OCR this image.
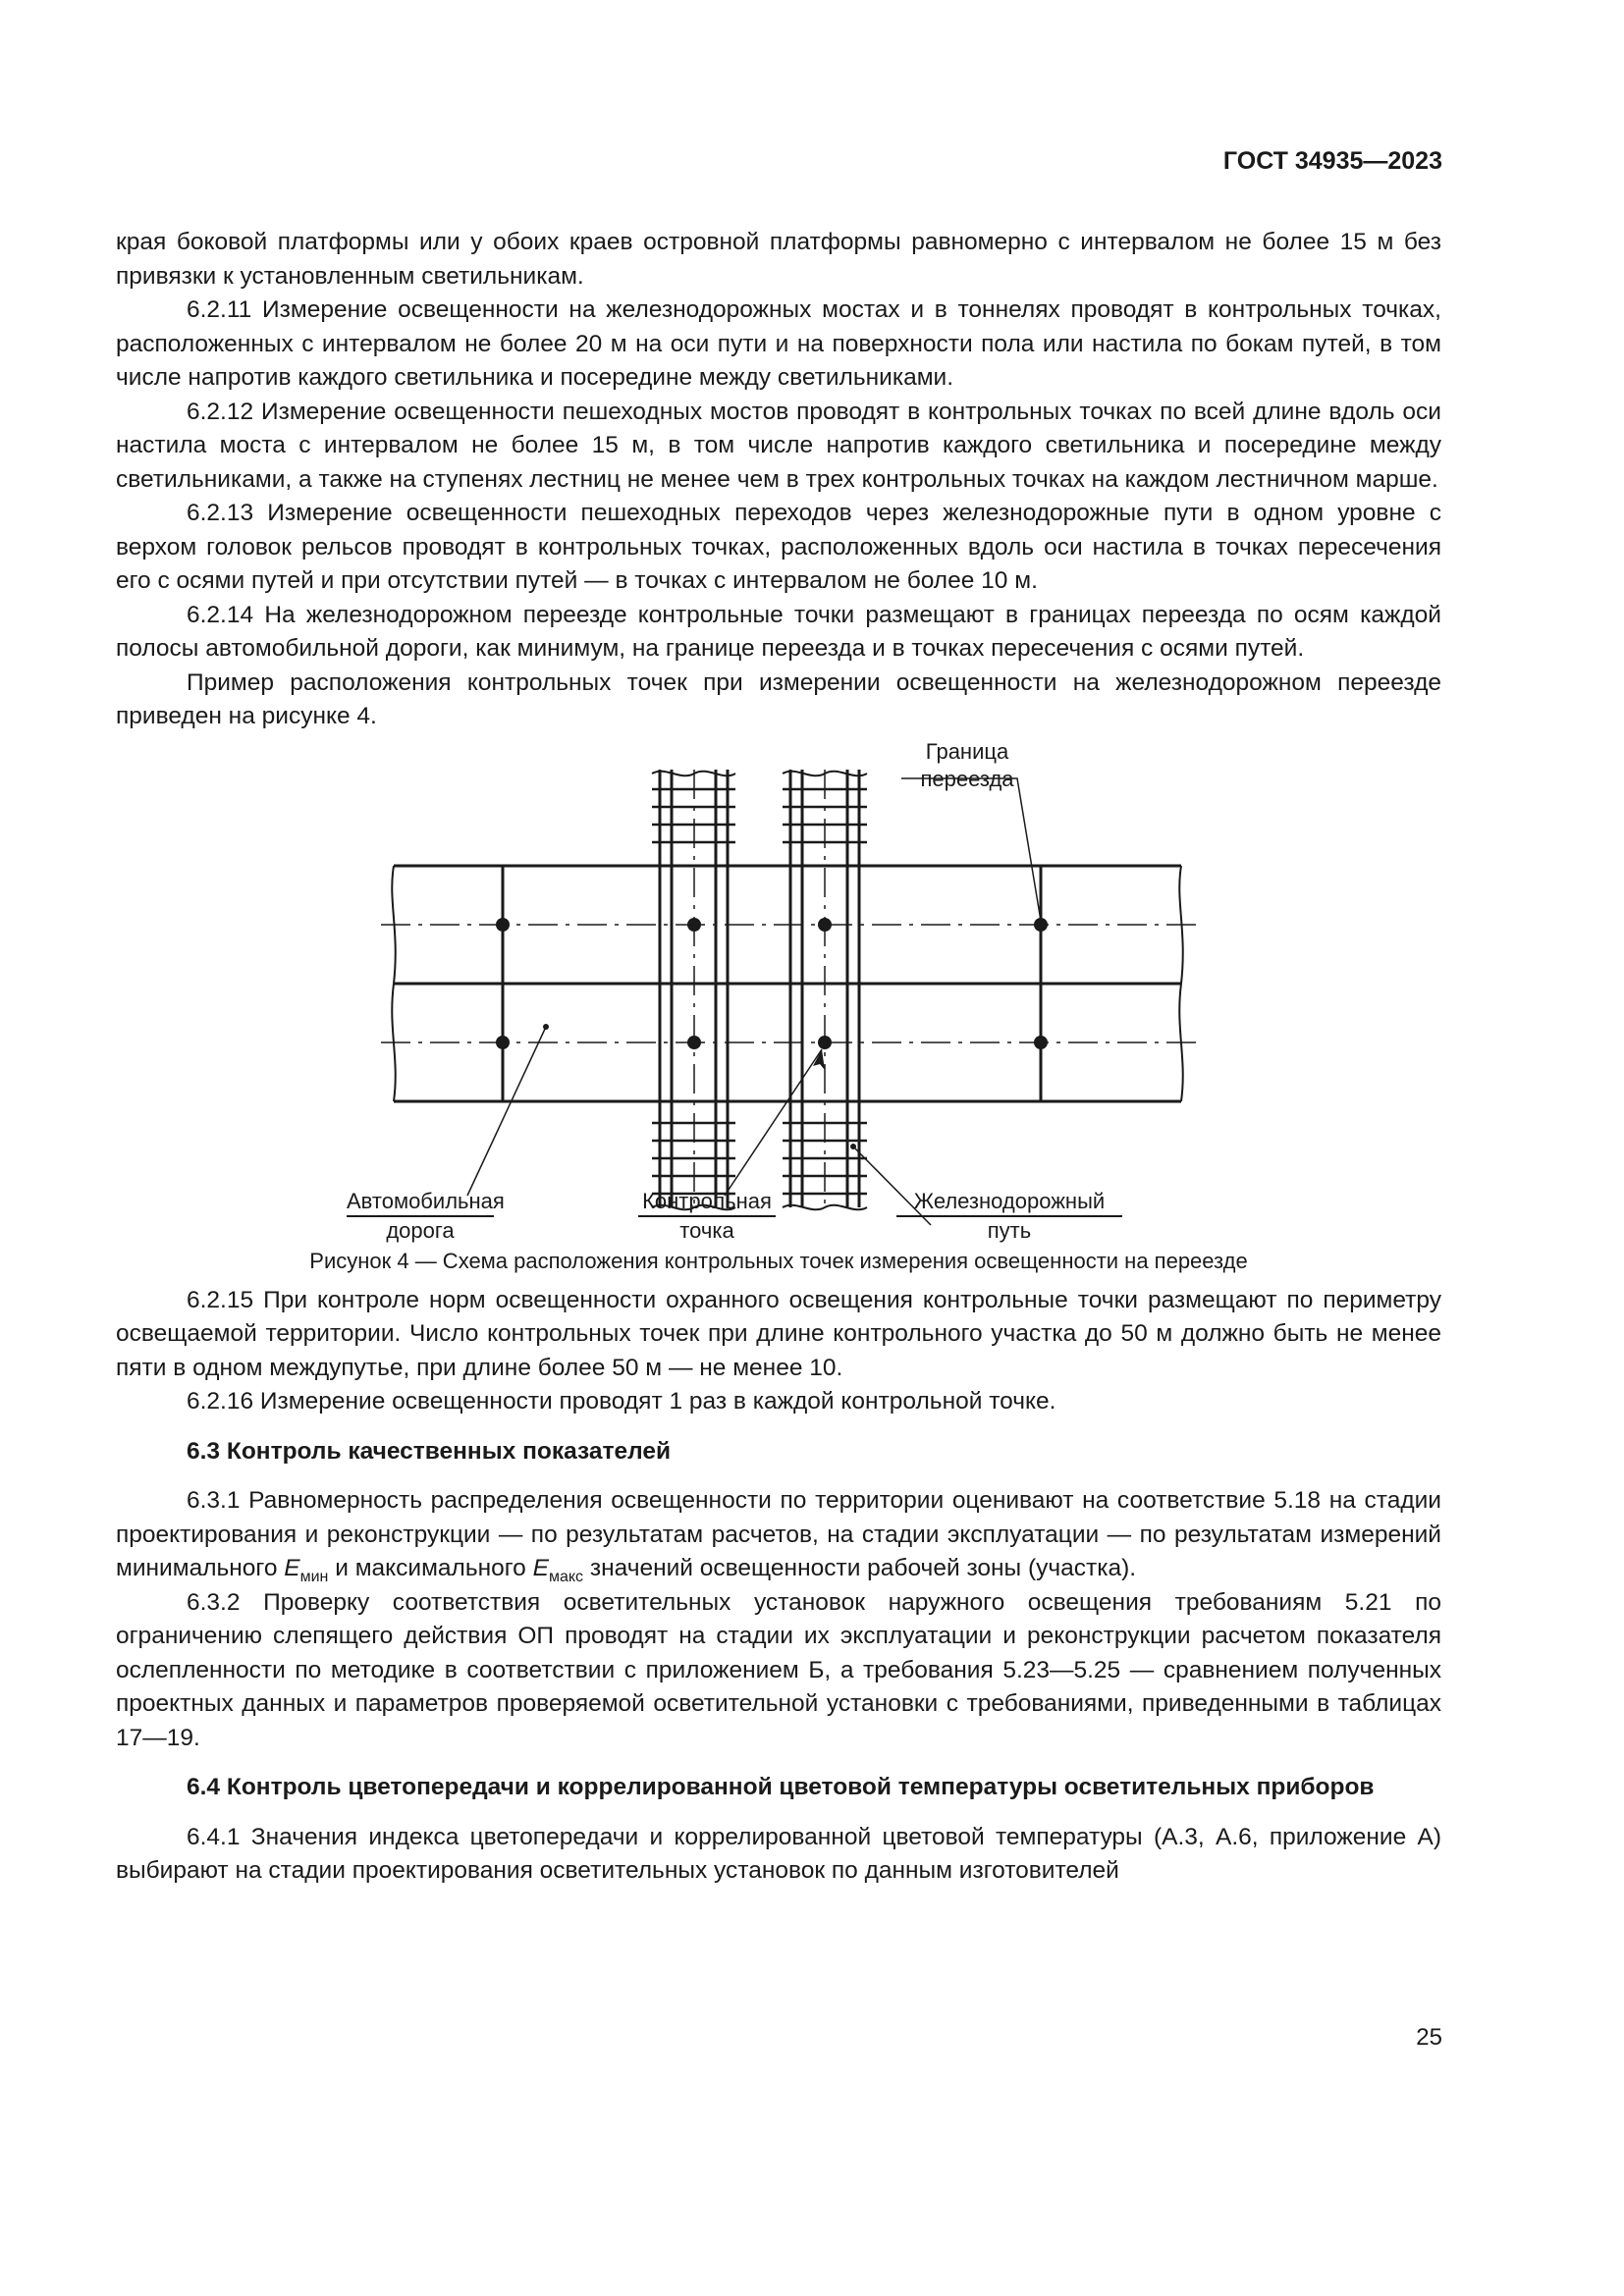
ГОСТ 34935—2023

края боковой платформы или у обоих краев островной платформы равномерно с интервалом не более 15 м без привязки к установленным светильникам.

6.2.11 Измерение освещенности на железнодорожных мостах и в тоннелях проводят в контрольных точках, расположенных с интервалом не более 20 м на оси пути и на поверхности пола или настила по бокам путей, в том числе напротив каждого светильника и посередине между светильниками.

6.2.12 Измерение освещенности пешеходных мостов проводят в контрольных точках по всей длине вдоль оси настила моста с интервалом не более 15 м, в том числе напротив каждого светильника и посередине между светильниками, а также на ступенях лестниц не менее чем в трех контрольных точках на каждом лестничном марше.

6.2.13 Измерение освещенности пешеходных переходов через железнодорожные пути в одном уровне с верхом головок рельсов проводят в контрольных точках, расположенных вдоль оси настила в точках пересечения его с осями путей и при отсутствии путей — в точках с интервалом не более 10 м.

6.2.14 На железнодорожном переезде контрольные точки размещают в границах переезда по осям каждой полосы автомобильной дороги, как минимум, на границе переезда и в точках пересечения с осями путей.

Пример расположения контрольных точек при измерении освещенности на железнодорожном переезде приведен на рисунке 4.

Граница
переезда
Автомобильная
дорога
Контрольная
точка
Железнодорожный
путь
Рисунок 4 — Схема расположения контрольных точек измерения освещенности на переезде

6.2.15 При контроле норм освещенности охранного освещения контрольные точки размещают по периметру освещаемой территории. Число контрольных точек при длине контрольного участка до 50 м должно быть не менее пяти в одном междупутье, при длине более 50 м — не менее 10.

6.2.16 Измерение освещенности проводят 1 раз в каждой контрольной точке.

6.3 Контроль качественных показателей

6.3.1 Равномерность распределения освещенности по территории оценивают на соответствие 5.18 на стадии проектирования и реконструкции — по результатам расчетов, на стадии эксплуатации — по результатам измерений минимального $E_{мин}$ и максимального $E_{макс}$ значений освещенности рабочей зоны (участка).

6.3.2 Проверку соответствия осветительных установок наружного освещения требованиям 5.21 по ограничению слепящего действия ОП проводят на стадии их эксплуатации и реконструкции расчетом показателя ослепленности по методике в соответствии с приложением Б, а требования 5.23—5.25 — сравнением полученных проектных данных и параметров проверяемой осветительной установки с требованиями, приведенными в таблицах 17—19.

6.4 Контроль цветопередачи и коррелированной цветовой температуры осветительных приборов

6.4.1 Значения индекса цветопередачи и коррелированной цветовой температуры (А.3, А.6, приложение А) выбирают на стадии проектирования осветительных установок по данным изготовителей

25
